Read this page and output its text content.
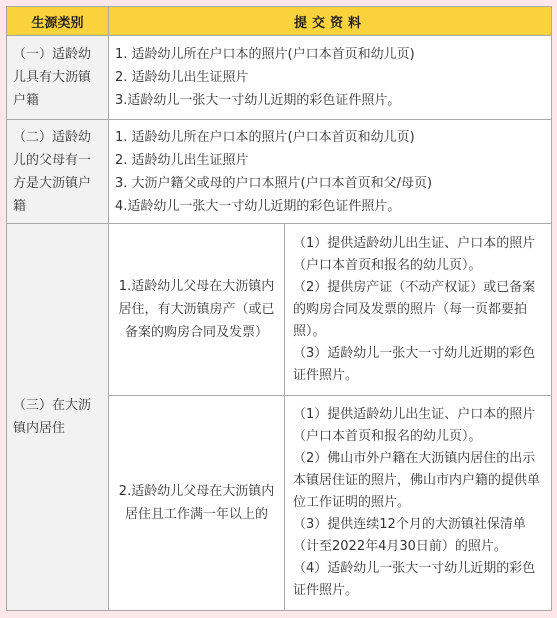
生源类别	提交资料	
（一）适龄幼儿具有大沥镇户籍	1. 适龄幼儿所在户口本的照片(户口本首页和幼儿页)
2. 适龄幼儿出生证照片
3.适龄幼儿一张大一寸幼儿近期的彩色证件照片。	

（二）适龄幼儿的父母有一方是大沥镇户籍	1. 适龄幼儿所在户口本的照片(户口本首页和幼儿页)
2. 适龄幼儿出生证照片
3. 大沥户籍父或母的户口本照片(户口本首页和父/母页)
4.适龄幼儿一张大一寸幼儿近期的彩色证件照片。	

（三）在大沥镇内居住	1.适龄幼儿父母在大沥镇内居住，有大沥镇房产（或已备案的购房合同及发票）	（1）提供适龄幼儿出生证、户口本的照片（户口本首页和报名的幼儿页）。
（2）提供房产证（不动产权证）或已备案的购房合同及发票的照片（每一页都要拍照）。
（3）适龄幼儿一张大一寸幼儿近期的彩色证件照片。

	2.适龄幼儿父母在大沥镇内居住且工作满一年以上的	（1）提供适龄幼儿出生证、户口本的照片（户口本首页和报名的幼儿页）。
（2）佛山市外户籍在大沥镇内居住的出示本镇居住证的照片，佛山市内户籍的提供单位工作证明的照片。
（3）提供连续12个月的大沥镇社保清单（计至2022年4月30日前）的照片。
（4）适龄幼儿一张大一寸幼儿近期的彩色证件照片。
